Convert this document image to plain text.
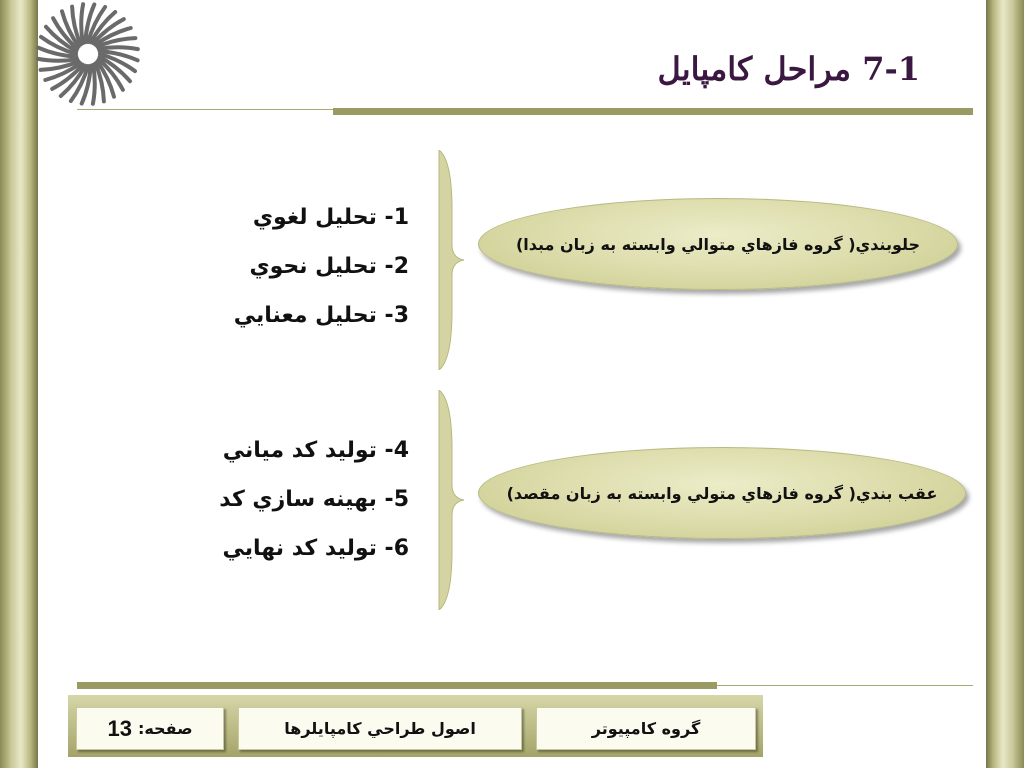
7-1 مراحل كامپايل
1- تحليل لغوي
2- تحليل نحوي
3- تحليل معنايي
4- توليد كد مياني
5- بهينه سازي كد
6- توليد كد نهايي
جلوبندي( گروه فازهاي متوالي وابسته به زبان مبدا)
عقب بندي( گروه فازهاي متولي وابسته به زبان مقصد)
گروه كامپيوتر
اصول طراحي كامپايلرها
صفحه:
13
